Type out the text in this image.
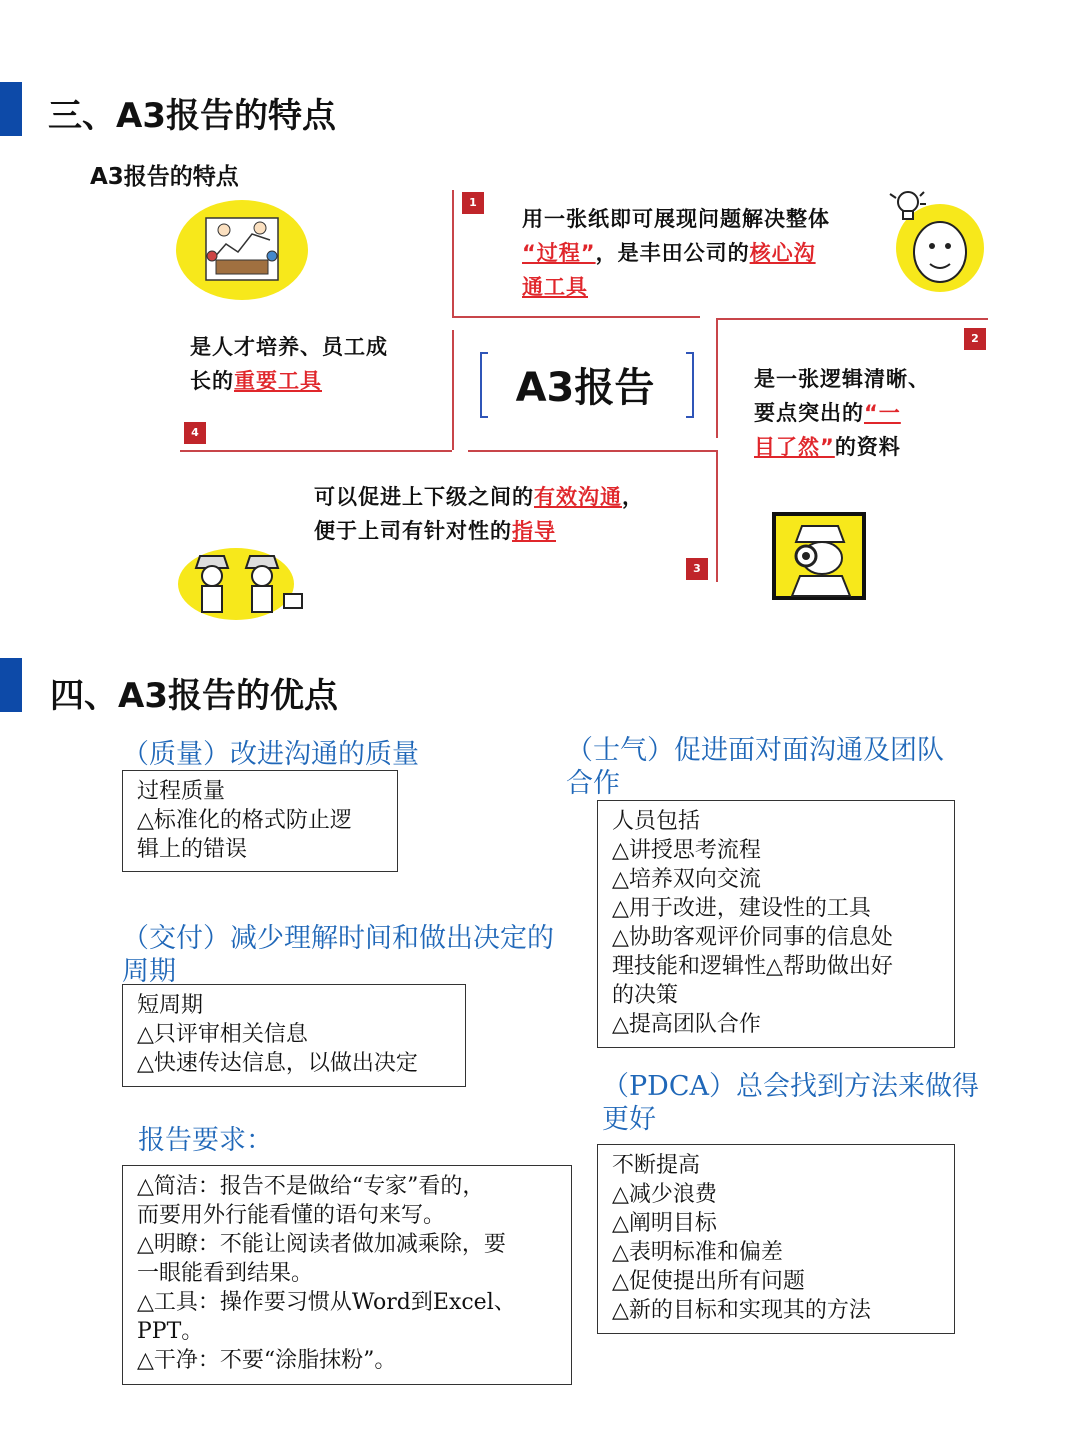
三、A3报告的特点
A3报告的特点
A3报告
1
2
3
4
用一张纸即可展现问题解决整体
“过程”，是丰田公司的核心沟
通工具
是一张逻辑清晰、
要点突出的“一
目了然”的资料
可以促进上下级之间的有效沟通，
便于上司有针对性的指导
是人才培养、员工成
长的重要工具
四、A3报告的优点
（质量）改进沟通的质量
过程质量
△标准化的格式防止逻
辑上的错误
（交付）减少理解时间和做出决定的
周期
短周期
△只评审相关信息
△快速传达信息，以做出决定
报告要求：
△简洁：报告不是做给“专家”看的，
而要用外行能看懂的语句来写。
△明瞭：不能让阅读者做加减乘除，要
一眼能看到结果。
△工具：操作要习惯从Word到Excel、
PPT。
△干净：不要“涂脂抹粉”。
（士气）促进面对面沟通及团队
合作
人员包括
△讲授思考流程
△培养双向交流
△用于改进，建设性的工具
△协助客观评价同事的信息处
理技能和逻辑性△帮助做出好
的决策
△提高团队合作
（PDCA）总会找到方法来做得
更好
不断提高
△减少浪费
△阐明目标
△表明标准和偏差
△促使提出所有问题
△新的目标和实现其的方法
